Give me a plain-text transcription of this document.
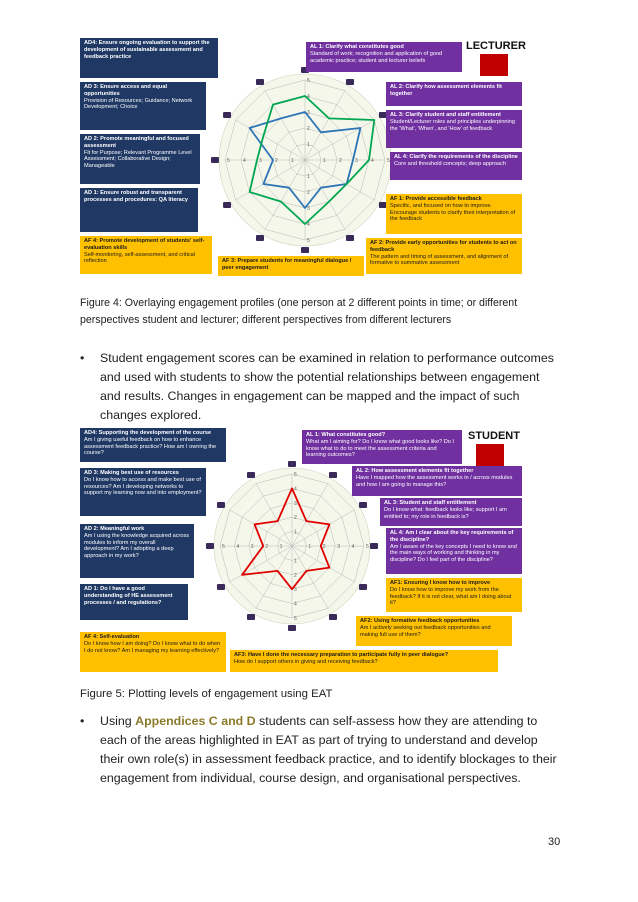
1
2
3
4
5
1	2	3	4	5
1
2
3
4
5
1
2
3
4
5
AD4: Ensure ongoing evaluation to support the development of sustainable assessment and feedback practice
AD 3: Ensure access and equal opportunities
Provision of Resources; Guidance; Network Development; Choice
AD 2: Promote meaningful and focused assessment
Fit for Purpose; Relevant Programme Level Assessment; Collaborative Design; Manageable
AD 1: Ensure robust and transparent processes and procedures: QA literacy
AF 4: Promote development of students' self-evaluation skills
Self-monitoring, self-assessment, and critical reflection	AF 3: Prepare students for meaningful dialogue / peer engagement
AF 2: Provide early opportunities for students to act on feedback
The pattern and timing of assessment, and alignment of formative to summative assessment
AF 1: Provide accessible feedback
Specific, and focused on how to improve. Encourage students to clarify their interpretation of the feedback
AL 4: Clarify the requirements of the discipline
Core and threshold concepts; deep approach
AL 3: Clarify student and staff entitlement
Student/Lecturer roles and principles underpinning the 'What', 'When', and 'How' of feedback
AL 2: Clarify how assessment elements fit together
AL 1: Clarify what constitutes good
Standard of work; recognition and application of good academic practice; student and lecturer beliefs
LECTURER
Figure 4: Overlaying engagement profiles (one person at 2 different points in time; or different perspectives student and lecturer; different perspectives from different lecturers
• Student engagement scores can be examined in relation to performance outcomes and used with students to show the potential relationships between engagement and results. Changes in engagement can be mapped and the impact of such changes explored.
1
2
3
4
5
1 2 3 4 5
1
2
3
4
5
1
2
3
4
5
AD4: Supporting the development of the course
Am I giving useful feedback on how to enhance assessment feedback practice? How am I owning the course?
AD 3: Making best use of resources
Do I know how to access and make best use of resources? Am I developing networks to support my learning now and into employment?
AD 2: Meaningful work
Am I using the knowledge acquired across modules to inform my overall development? Am I adopting a deep approach in my work?
AD 1: Do I have a good understanding of HE assessment processes / and regulations?
AF 4: Self-evaluation
Do I know how I am doing? Do I know what to do when I do not know? Am I managing my learning effectively?
AF3: Have I done the necessary preparation to participate fully in peer dialogue?
How do I support others in giving and receiving feedback?
AF2: Using formative feedback opportunities
Am I actively seeking out feedback opportunities and making full use of them?
AF1: Ensuring I know how to improve
Do I know how to improve my work from the feedback? If it is not clear, what am I doing about it?
AL 4: Am I clear about the key requirements of the discipline?
Am I aware of the key concepts I need to know and the main ways of working and thinking in my discipline? Do I feel part of the discipline?
AL 3: Student and staff entitlement
Do I know what: feedback looks like; support I am entitled to; my role in feedback is?
AL 2: How assessment elements fit together
Have I mapped how the assessment works in / across modules and how I am going to manage this?
AL 1: What constitutes good?
What am I aiming for? Do I know what good looks like? Do I know what to do to meet the assessment criteria and learning outcomes?
STUDENT
Figure 5: Plotting levels of engagement using EAT
• Using Appendices C and D students can self-assess how they are attending to each of the areas highlighted in EAT as part of trying to understand and develop their own role(s) in assessment feedback practice, and to identify blockages to their engagement from individual, course design, and organisational perspectives.
30
